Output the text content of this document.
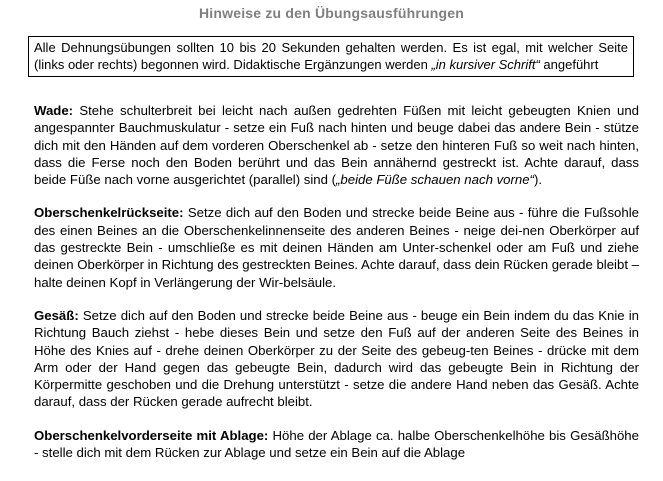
Hinweise zu den Übungsausführungen
Alle Dehnungsübungen sollten 10 bis 20 Sekunden gehalten werden. Es ist egal, mit welcher Seite (links oder rechts) begonnen wird. Didaktische Ergänzungen werden „in kursiver Schrift“ angeführt

Wade: Stehe schulterbreit bei leicht nach außen gedrehten Füßen mit leicht gebeugten Knien und angespannter Bauchmuskulatur - setze ein Fuß nach hinten und beuge dabei das andere Bein - stütze dich mit den Händen auf dem vorderen Oberschenkel ab - setze den hinteren Fuß so weit nach hinten, dass die Ferse noch den Boden berührt und das Bein annähernd gestreckt ist. Achte darauf, dass beide Füße nach vorne ausgerichtet (parallel) sind („beide Füße schauen nach vorne“).

Oberschenkelrückseite: Setze dich auf den Boden und strecke beide Beine aus - führe die Fußsohle des einen Beines an die Oberschenkelinnenseite des anderen Beines - neige dei-nen Oberkörper auf das gestreckte Bein - umschließe es mit deinen Händen am Unter-schenkel oder am Fuß und ziehe deinen Oberkörper in Richtung des gestreckten Beines. Achte darauf, dass dein Rücken gerade bleibt – halte deinen Kopf in Verlängerung der Wir-belsäule.

Gesäß: Setze dich auf den Boden und strecke beide Beine aus - beuge ein Bein indem du das Knie in Richtung Bauch ziehst - hebe dieses Bein und setze den Fuß auf der anderen Seite des Beines in Höhe des Knies auf - drehe deinen Oberkörper zu der Seite des gebeug-ten Beines - drücke mit dem Arm oder der Hand gegen das gebeugte Bein, dadurch wird das gebeugte Bein in Richtung der Körpermitte geschoben und die Drehung unterstützt - setze die andere Hand neben das Gesäß. Achte darauf, dass der Rücken gerade aufrecht bleibt.

Oberschenkelvorderseite mit Ablage: Höhe der Ablage ca. halbe Oberschenkelhöhe bis Gesäßhöhe - stelle dich mit dem Rücken zur Ablage und setze ein Bein auf die Ablage
